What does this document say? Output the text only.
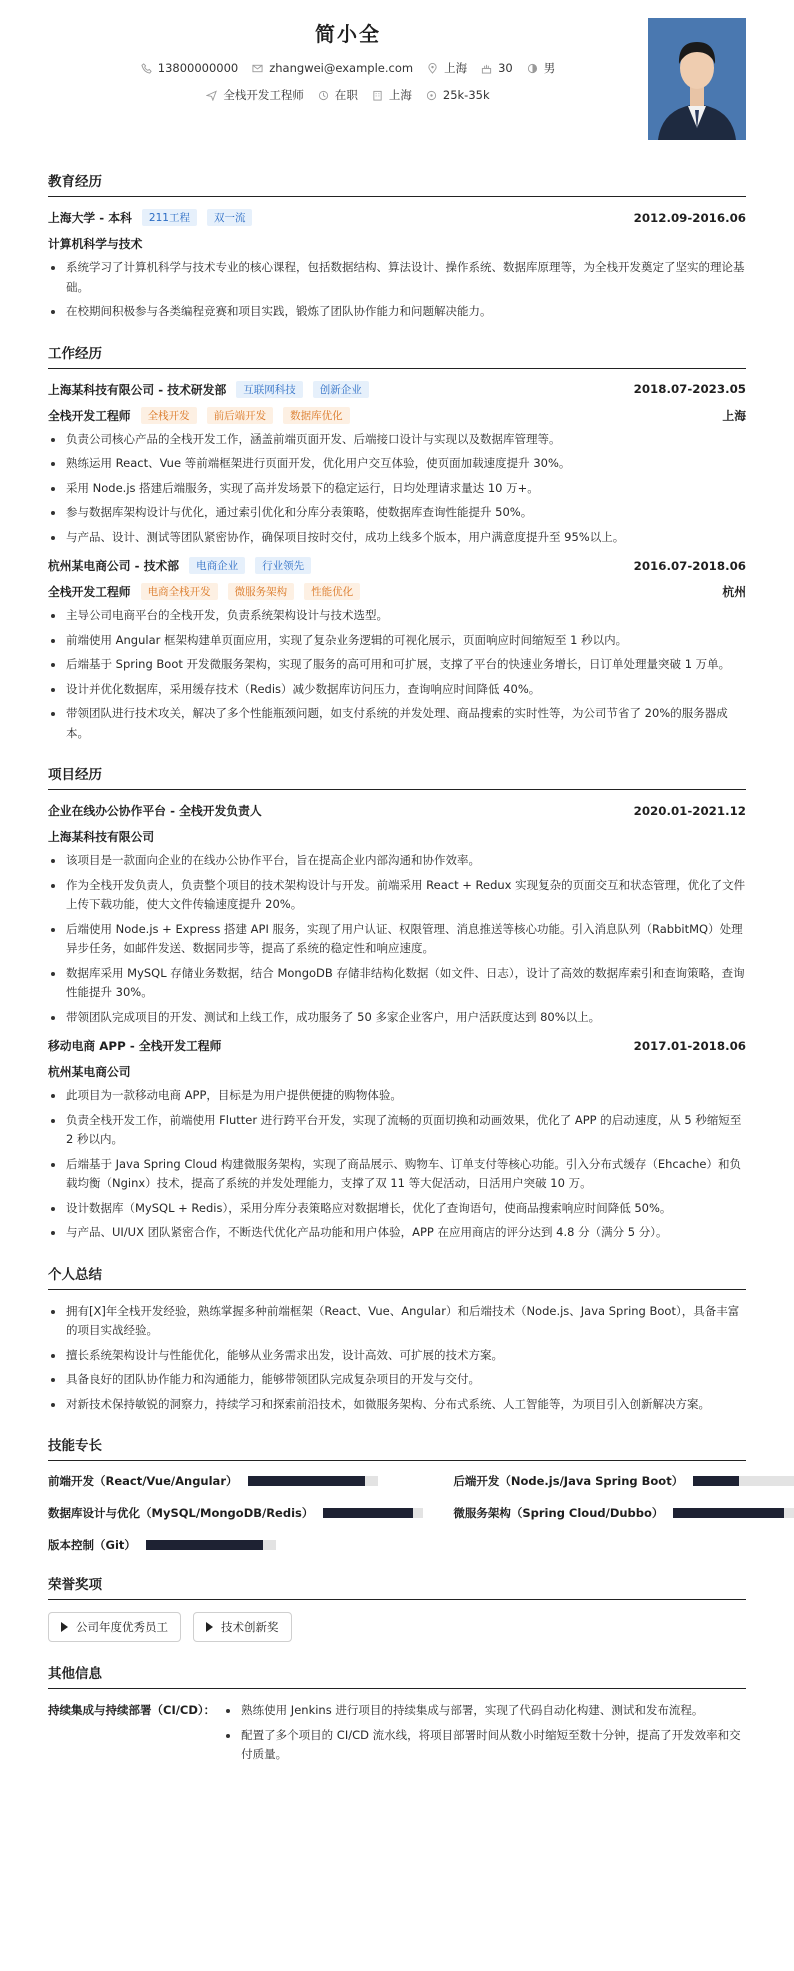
简小全
13800000000	zhangwei@example.com	上海	30	男
全栈开发工程师	在职	上海	25k-35k
教育经历
上海大学 - 本科	211工程	双一流	2012.09-2016.06
计算机科学与技术
系统学习了计算机科学与技术专业的核心课程，包括数据结构、算法设计、操作系统、数据库原理等，为全栈开发奠定了坚实的理论基础。
在校期间积极参与各类编程竞赛和项目实践，锻炼了团队协作能力和问题解决能力。
工作经历
上海某科技有限公司 - 技术研发部	互联网科技	创新企业	2018.07-2023.05
全栈开发工程师	全栈开发	前后端开发	数据库优化	上海
负责公司核心产品的全栈开发工作，涵盖前端页面开发、后端接口设计与实现以及数据库管理等。
熟练运用 React、Vue 等前端框架进行页面开发，优化用户交互体验，使页面加载速度提升 30%。
采用 Node.js 搭建后端服务，实现了高并发场景下的稳定运行，日均处理请求量达 10 万+。
参与数据库架构设计与优化，通过索引优化和分库分表策略，使数据库查询性能提升 50%。
与产品、设计、测试等团队紧密协作，确保项目按时交付，成功上线多个版本，用户满意度提升至 95%以上。
杭州某电商公司 - 技术部	电商企业	行业领先	2016.07-2018.06
全栈开发工程师	电商全栈开发	微服务架构	性能优化	杭州
主导公司电商平台的全栈开发，负责系统架构设计与技术选型。
前端使用 Angular 框架构建单页面应用，实现了复杂业务逻辑的可视化展示，页面响应时间缩短至 1 秒以内。
后端基于 Spring Boot 开发微服务架构，实现了服务的高可用和可扩展，支撑了平台的快速业务增长，日订单处理量突破 1 万单。
设计并优化数据库，采用缓存技术（Redis）减少数据库访问压力，查询响应时间降低 40%。
带领团队进行技术攻关，解决了多个性能瓶颈问题，如支付系统的并发处理、商品搜索的实时性等，为公司节省了 20%的服务器成本。
项目经历
企业在线办公协作平台 - 全栈开发负责人	2020.01-2021.12
上海某科技有限公司
该项目是一款面向企业的在线办公协作平台，旨在提高企业内部沟通和协作效率。
作为全栈开发负责人，负责整个项目的技术架构设计与开发。前端采用 React + Redux 实现复杂的页面交互和状态管理，优化了文件上传下载功能，使大文件传输速度提升 20%。
后端使用 Node.js + Express 搭建 API 服务，实现了用户认证、权限管理、消息推送等核心功能。引入消息队列（RabbitMQ）处理异步任务，如邮件发送、数据同步等，提高了系统的稳定性和响应速度。
数据库采用 MySQL 存储业务数据，结合 MongoDB 存储非结构化数据（如文件、日志），设计了高效的数据库索引和查询策略，查询性能提升 30%。
带领团队完成项目的开发、测试和上线工作，成功服务了 50 多家企业客户，用户活跃度达到 80%以上。
移动电商 APP - 全栈开发工程师	2017.01-2018.06
杭州某电商公司
此项目为一款移动电商 APP，目标是为用户提供便捷的购物体验。
负责全栈开发工作，前端使用 Flutter 进行跨平台开发，实现了流畅的页面切换和动画效果，优化了 APP 的启动速度，从 5 秒缩短至 2 秒以内。
后端基于 Java Spring Cloud 构建微服务架构，实现了商品展示、购物车、订单支付等核心功能。引入分布式缓存（Ehcache）和负载均衡（Nginx）技术，提高了系统的并发处理能力，支撑了双 11 等大促活动，日活用户突破 10 万。
设计数据库（MySQL + Redis），采用分库分表策略应对数据增长，优化了查询语句，使商品搜索响应时间降低 50%。
与产品、UI/UX 团队紧密合作，不断迭代优化产品功能和用户体验，APP 在应用商店的评分达到 4.8 分（满分 5 分）。
个人总结
拥有[X]年全栈开发经验，熟练掌握多种前端框架（React、Vue、Angular）和后端技术（Node.js、Java Spring Boot），具备丰富的项目实战经验。
擅长系统架构设计与性能优化，能够从业务需求出发，设计高效、可扩展的技术方案。
具备良好的团队协作能力和沟通能力，能够带领团队完成复杂项目的开发与交付。
对新技术保持敏锐的洞察力，持续学习和探索前沿技术，如微服务架构、分布式系统、人工智能等，为项目引入创新解决方案。
技能专长
前端开发（React/Vue/Angular）	后端开发（Node.js/Java Spring Boot）
数据库设计与优化（MySQL/MongoDB/Redis）	微服务架构（Spring Cloud/Dubbo）
版本控制（Git）
荣誉奖项
公司年度优秀员工	技术创新奖
其他信息
持续集成与持续部署（CI/CD）：	熟练使用 Jenkins 进行项目的持续集成与部署，实现了代码自动化构建、测试和发布流程。
配置了多个项目的 CI/CD 流水线，将项目部署时间从数小时缩短至数十分钟，提高了开发效率和交付质量。
